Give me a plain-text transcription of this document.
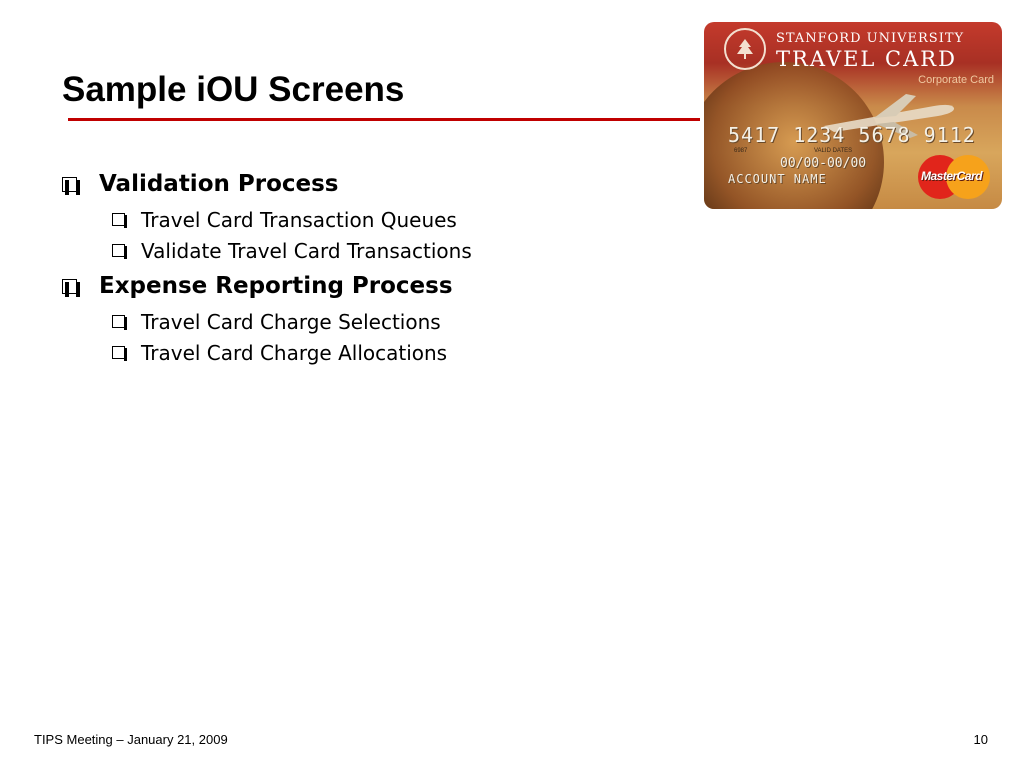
Sample iOU Screens
Validation Process
Travel Card Transaction Queues
Validate Travel Card Transactions
Expense Reporting Process
Travel Card Charge Selections
Travel Card Charge Allocations
STANFORD UNIVERSITY
TRAVEL CARD
Corporate Card
5417 1234 5678 9112
6987	VALID DATES
00/00-00/00
ACCOUNT NAME	MasterCard
TIPS Meeting – January 21, 2009	10
